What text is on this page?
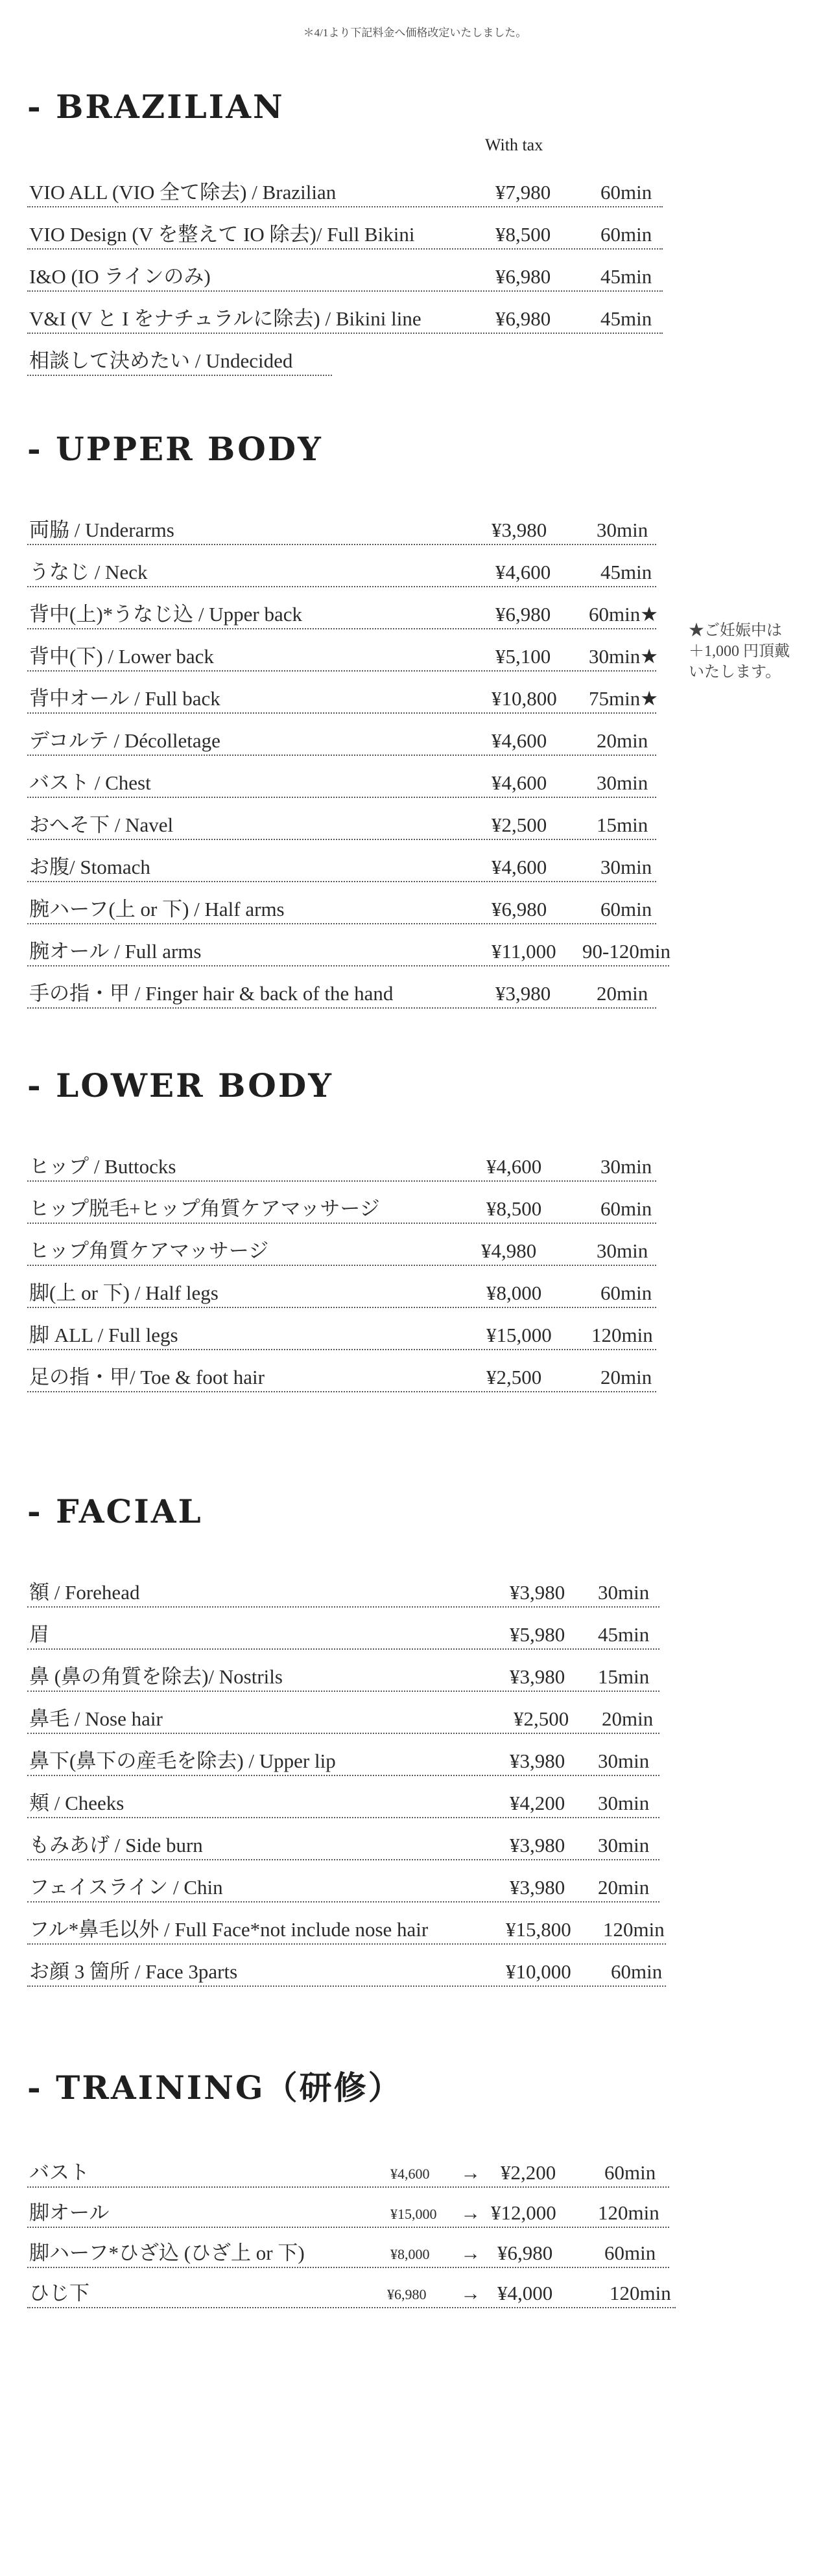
＊4/1より下記料金へ価格改定いたしました。
- BRAZILIAN
With tax
VIO ALL (VIO 全て除去) / Brazilian	¥7,980 60min
VIO Design (V を整えて IO 除去)/ Full Bikini	¥8,500 60min
I&O (IO ラインのみ)	¥6,980 45min
V&I (V と I をナチュラルに除去) / Bikini line	¥6,980 45min
相談して決めたい / Undecided
- UPPER BODY
両脇 / Underarms	¥3,980 30min
うなじ / Neck	¥4,600 45min
背中(上)*うなじ込 / Upper back	¥6,980 60min★
背中(下) / Lower back	¥5,100 30min★
背中オール / Full back	¥10,800 75min★
デコルテ / Décolletage	¥4,600 20min
バスト / Chest	¥4,600 30min
おへそ下 / Navel	¥2,500 15min
お腹/ Stomach	¥4,600	30min
腕ハーフ(上 or 下) / Half arms	¥6,980	60min
腕オール / Full arms	¥11,000 90-120min
手の指・甲 / Finger hair & back of the hand	¥3,980 20min
★ご妊娠中は
＋1,000 円頂戴
いたします。
- LOWER BODY
ヒップ / Buttocks	¥4,600	30min
ヒップ脱毛+ヒップ角質ケアマッサージ	¥8,500	60min
ヒップ角質ケアマッサージ	¥4,980	30min
脚(上 or 下) / Half legs	¥8,000	60min
脚 ALL / Full legs	¥15,000 120min
足の指・甲/ Toe & foot hair	¥2,500	20min
- FACIAL
額 / Forehead	¥3,980 30min
眉	¥5,980 45min
鼻 (鼻の角質を除去)/ Nostrils	¥3,980 15min
鼻毛 / Nose hair	¥2,500 20min
鼻下(鼻下の産毛を除去) / Upper lip	¥3,980 30min
頬 / Cheeks	¥4,200 30min
もみあげ / Side burn	¥3,980 30min
フェイスライン / Chin	¥3,980 20min
フル*鼻毛以外 / Full Face*not include nose hair	¥15,800 120min
お顔 3 箇所 / Face 3parts	¥10,000 60min
- TRAINING（研修）
バスト	¥4,600 → ¥2,200 60min
脚オール	¥15,000 → ¥12,000 120min
脚ハーフ*ひざ込 (ひざ上 or 下)	¥8,000 → ¥6,980	60min
ひじ下	¥6,980 → ¥4,000	120min
